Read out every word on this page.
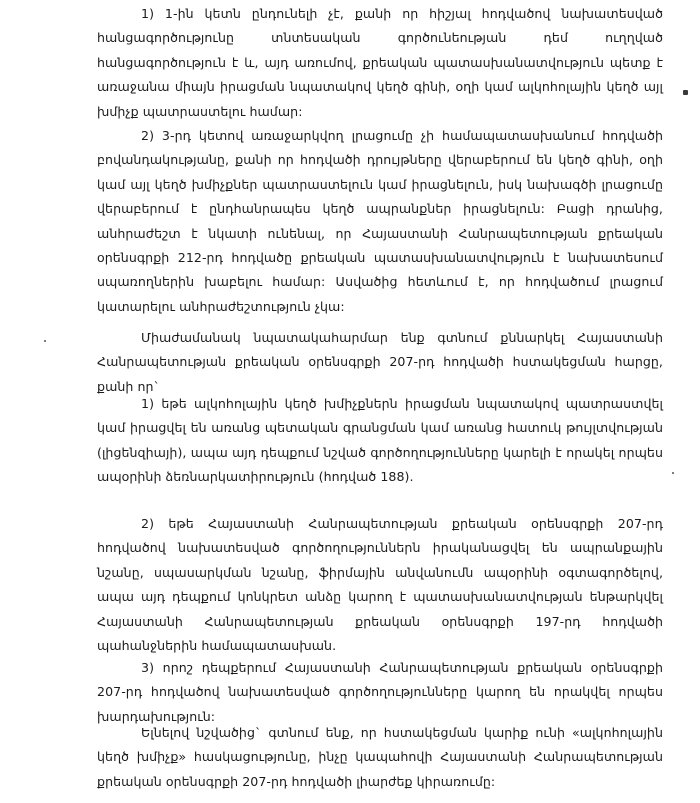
1) 1-ին կետն ընդունելի չէ, քանի որ հիշյալ հոդվածով նախատեսված հանցագործությունը տնտեսական գործունեության դեմ ուղղված հանցագործություն է և, այդ առումով, քրեական պատասխանատվություն պետք է առաջանա միայն իրացման նպատակով կեղծ գինի, օղի կամ ալկոհոլային կեղծ այլ խմիչք պատրաստելու համար:

2) 3-րդ կետով առաջարկվող լրացումը չի համապատասխանում հոդվածի բովանդակությանը, քանի որ հոդվածի դրույթները վերաբերում են կեղծ գինի, օղի կամ այլ կեղծ խմիչքներ պատրաստելուն կամ իրացնելուն, իսկ նախագծի լրացումը վերաբերում է ընդհանրապես կեղծ ապրանքներ իրացնելուն: Բացի դրանից, անհրաժեշտ է նկատի ունենալ, որ Հայաստանի Հանրապետության քրեական օրենսգրքի 212-րդ հոդվածը քրեական պատասխանատվություն է նախատեսում սպառողներին խաբելու համար: Ասվածից հետևում է, որ հոդվածում լրացում կատարելու անհրաժեշտություն չկա:

Միաժամանակ նպատակահարմար ենք գտնում քննարկել Հայաստանի Հանրապետության քրեական օրենսգրքի 207-րդ հոդվածի հստակեցման հարցը, քանի որ`

1) եթե ալկոհոլային կեղծ խմիչքներն իրացման նպատակով պատրաստվել կամ իրացվել են առանց պետական գրանցման կամ առանց հատուկ թույլտվության (լիցենզիայի), ապա այդ դեպքում նշված գործողությունները կարելի է որակել որպես ապօրինի ձեռնարկատիրություն (հոդված 188).

2) եթե Հայաստանի Հանրապետության քրեական օրենսգրքի 207-րդ հոդվածով նախատեսված գործողություններն իրականացվել են ապրանքային նշանը, սպասարկման նշանը, ֆիրմային անվանումն ապօրինի օգտագործելով, ապա այդ դեպքում կոնկրետ անձը կարող է պատասխանատվության ենթարկվել Հայաստանի Հանրապետության քրեական օրենսգրքի 197-րդ հոդվածի պահանջներին համապատասխան.

3) որոշ դեպքերում Հայաստանի Հանրապետության քրեական օրենսգրքի 207-րդ հոդվածով նախատեսված գործողությունները կարող են որակվել որպես խարդախություն:

Ելնելով նշվածից` գտնում ենք, որ հստակեցման կարիք ունի «ալկոհոլային կեղծ խմիչք» հասկացությունը, ինչը կապահովի Հայաստանի Հանրապետության քրեական օրենսգրքի 207-րդ հոդվածի լիարժեք կիրառումը:
